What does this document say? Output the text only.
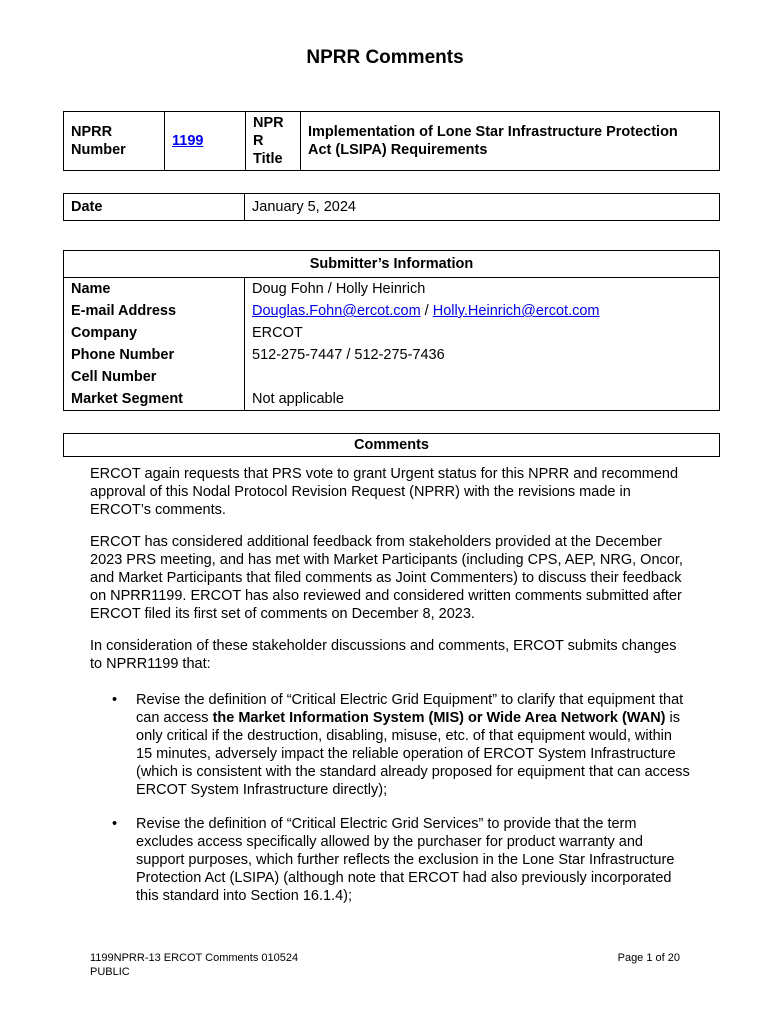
NPRR Comments
NPRR
Number	1199	NPR
R
Title	Implementation of Lone Star Infrastructure Protection
Act (LSIPA) Requirements
Date	January 5, 2024
Submitter’s Information	
Name	Doug Fohn / Holly Heinrich
E-mail Address	Douglas.Fohn@ercot.com / Holly.Heinrich@ercot.com
Company	ERCOT
Phone Number	512-275-7447 / 512-275-7436
Cell Number	
Market Segment	Not applicable
Comments

ERCOT again requests that PRS vote to grant Urgent status for this NPRR and recommend approval of this Nodal Protocol Revision Request (NPRR) with the revisions made in ERCOT’s comments.

ERCOT has considered additional feedback from stakeholders provided at the December 2023 PRS meeting, and has met with Market Participants (including CPS, AEP, NRG, Oncor, and Market Participants that filed comments as Joint Commenters) to discuss their feedback on NPRR1199. ERCOT has also reviewed and considered written comments submitted after ERCOT filed its first set of comments on December 8, 2023.

In consideration of these stakeholder discussions and comments, ERCOT submits changes to NPRR1199 that:

• Revise the definition of “Critical Electric Grid Equipment” to clarify that equipment that can access the Market Information System (MIS) or Wide Area Network (WAN) is only critical if the destruction, disabling, misuse, etc. of that equipment would, within 15 minutes, adversely impact the reliable operation of ERCOT System Infrastructure (which is consistent with the standard already proposed for equipment that can access ERCOT System Infrastructure directly);
• Revise the definition of “Critical Electric Grid Services” to provide that the term excludes access specifically allowed by the purchaser for product warranty and support purposes, which further reflects the exclusion in the Lone Star Infrastructure Protection Act (LSIPA) (although note that ERCOT had also previously incorporated this standard into Section 16.1.4);
1199NPRR-13 ERCOT Comments 010524
PUBLIC
Page 1 of 20
